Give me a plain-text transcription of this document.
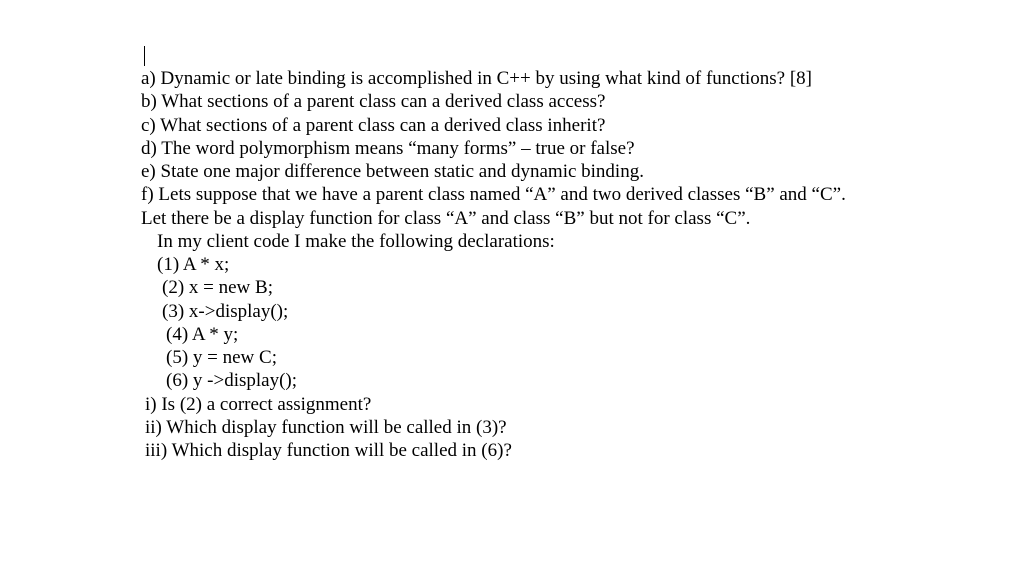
a) Dynamic or late binding is accomplished in C++ by using what kind of functions? [8]
b) What sections of a parent class can a derived class access?
c) What sections of a parent class can a derived class inherit?
d) The word polymorphism means “many forms” – true or false?
e) State one major difference between static and dynamic binding.
f) Lets suppose that we have a parent class named “A” and two derived classes “B” and “C”.
Let there be a display function for class “A” and class “B” but not for class “C”.
In my client code I make the following declarations:
(1) A * x;
(2) x = new B;
(3) x->display();
(4) A * y;
(5) y = new C;
(6) y ->display();
i) Is (2) a correct assignment?
ii) Which display function will be called in (3)?
iii) Which display function will be called in (6)?
